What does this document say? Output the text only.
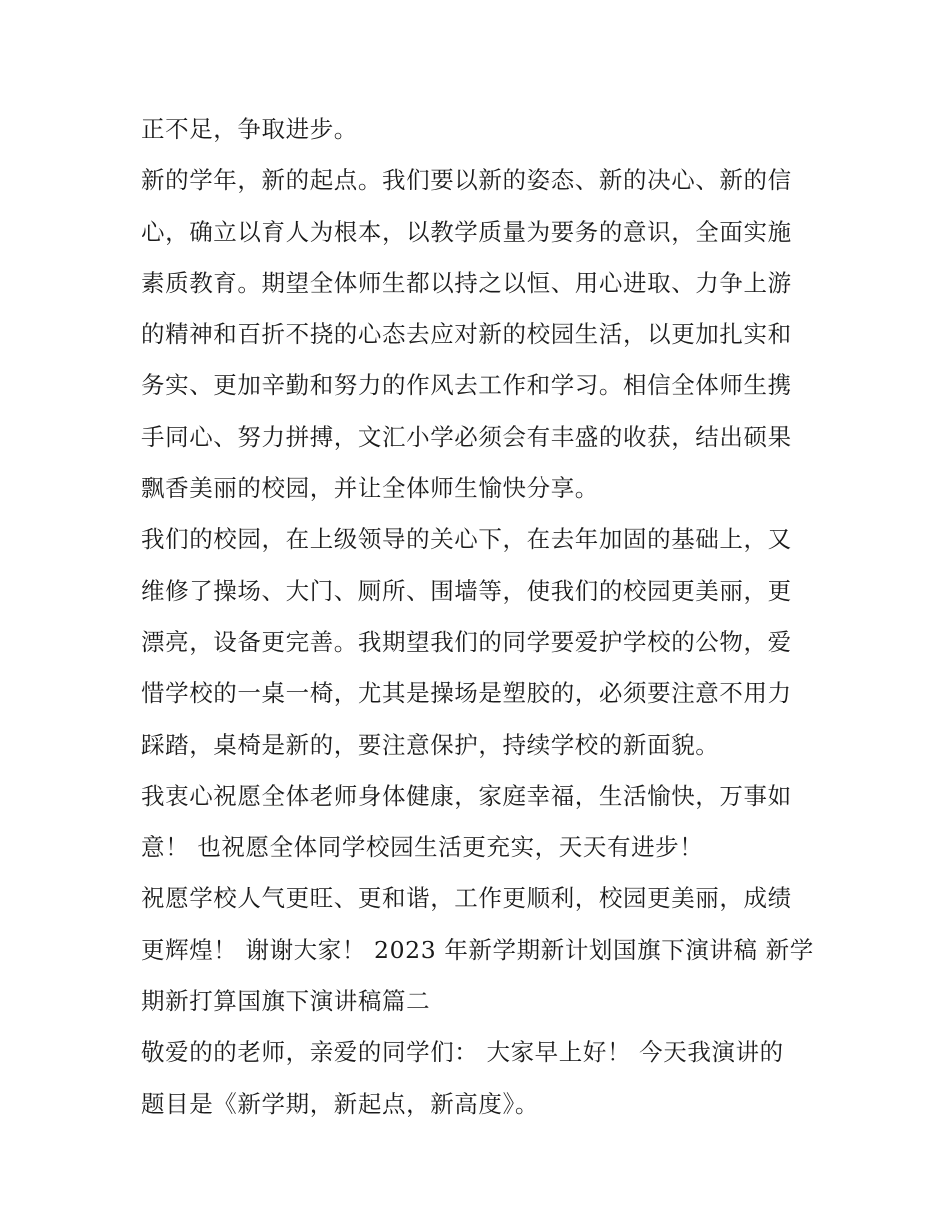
正不足，争取进步。
新的学年，新的起点。我们要以新的姿态、新的决心、新的信
心，确立以育人为根本，以教学质量为要务的意识，全面实施
素质教育。期望全体师生都以持之以恒、用心进取、力争上游
的精神和百折不挠的心态去应对新的校园生活，以更加扎实和
务实、更加辛勤和努力的作风去工作和学习。相信全体师生携
手同心、努力拼搏，文汇小学必须会有丰盛的收获，结出硕果
飘香美丽的校园，并让全体师生愉快分享。
我们的校园，在上级领导的关心下，在去年加固的基础上，又
维修了操场、大门、厕所、围墙等，使我们的校园更美丽，更
漂亮，设备更完善。我期望我们的同学要爱护学校的公物，爱
惜学校的一桌一椅，尤其是操场是塑胶的，必须要注意不用力
踩踏，桌椅是新的，要注意保护，持续学校的新面貌。
我衷心祝愿全体老师身体健康，家庭幸福，生活愉快，万事如
意！ 也祝愿全体同学校园生活更充实，天天有进步！
祝愿学校人气更旺、更和谐，工作更顺利，校园更美丽，成绩
更辉煌！ 谢谢大家！ 2023 年新学期新计划国旗下演讲稿 新学
期新打算国旗下演讲稿篇二
敬爱的的老师，亲爱的同学们： 大家早上好！ 今天我演讲的
题目是《新学期，新起点，新高度》。
